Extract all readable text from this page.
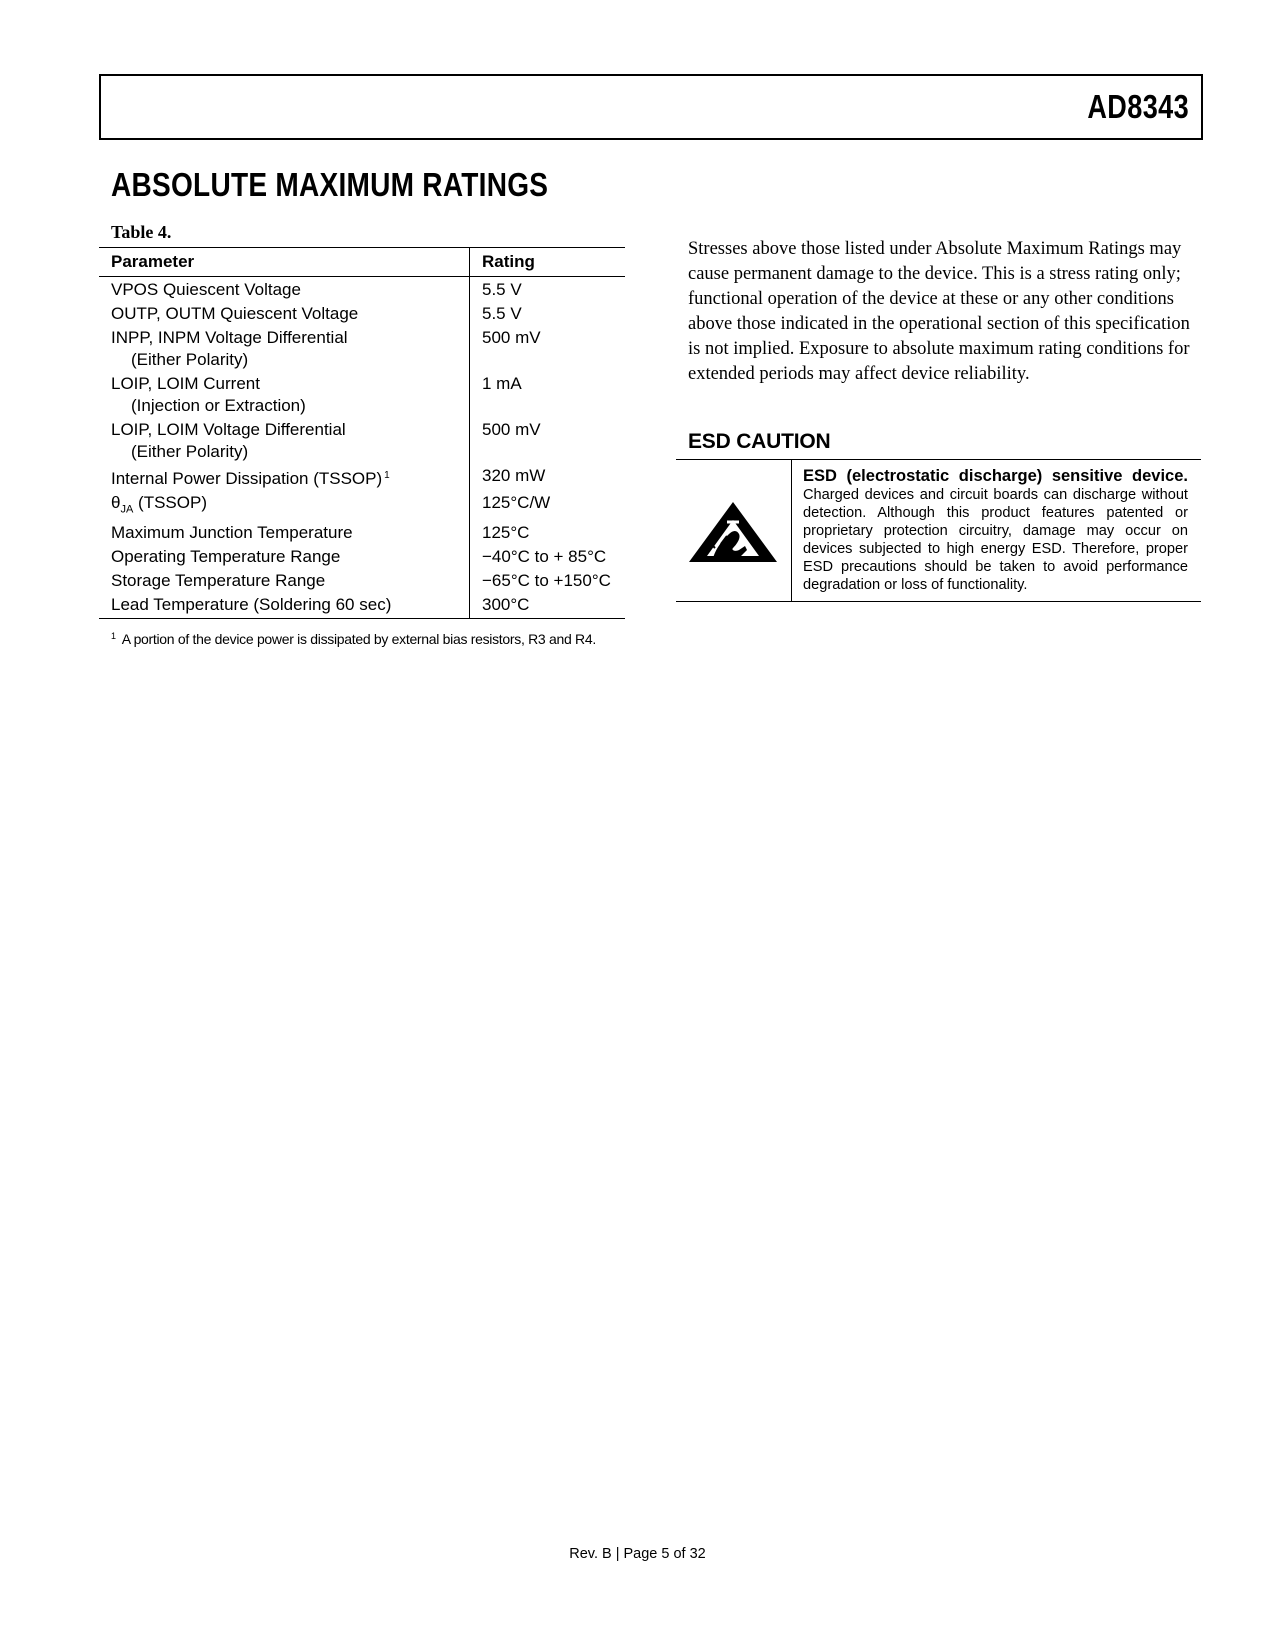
AD8343
ABSOLUTE MAXIMUM RATINGS
Table 4.
Parameter	Rating
VPOS Quiescent Voltage	5.5 V
OUTP, OUTM Quiescent Voltage	5.5 V
INPP, INPM Voltage Differential
(Either Polarity)	500 mV
LOIP, LOIM Current
(Injection or Extraction)	1 mA
LOIP, LOIM Voltage Differential
(Either Polarity)	500 mV
Internal Power Dissipation (TSSOP) $^1$	320 mW
$\theta_{JA}$ (TSSOP)	125°C/W
Maximum Junction Temperature	125°C
Operating Temperature Range	−40°C to + 85°C
Storage Temperature Range	−65°C to +150°C
Lead Temperature (Soldering 60 sec)	300°C
$^1$ A portion of the device power is dissipated by external bias resistors, R3 and R4.
Stresses above those listed under Absolute Maximum Ratings may cause permanent damage to the device. This is a stress rating only; functional operation of the device at these or any other conditions above those indicated in the operational section of this specification is not implied. Exposure to absolute maximum rating conditions for extended periods may affect device reliability.
ESD CAUTION
ESD (electrostatic discharge) sensitive device.
Charged devices and circuit boards can discharge without detection. Although this product features patented or proprietary protection circuitry, damage may occur on devices subjected to high energy ESD. Therefore, proper ESD precautions should be taken to avoid performance degradation or loss of functionality.
Rev. B | Page 5 of 32
